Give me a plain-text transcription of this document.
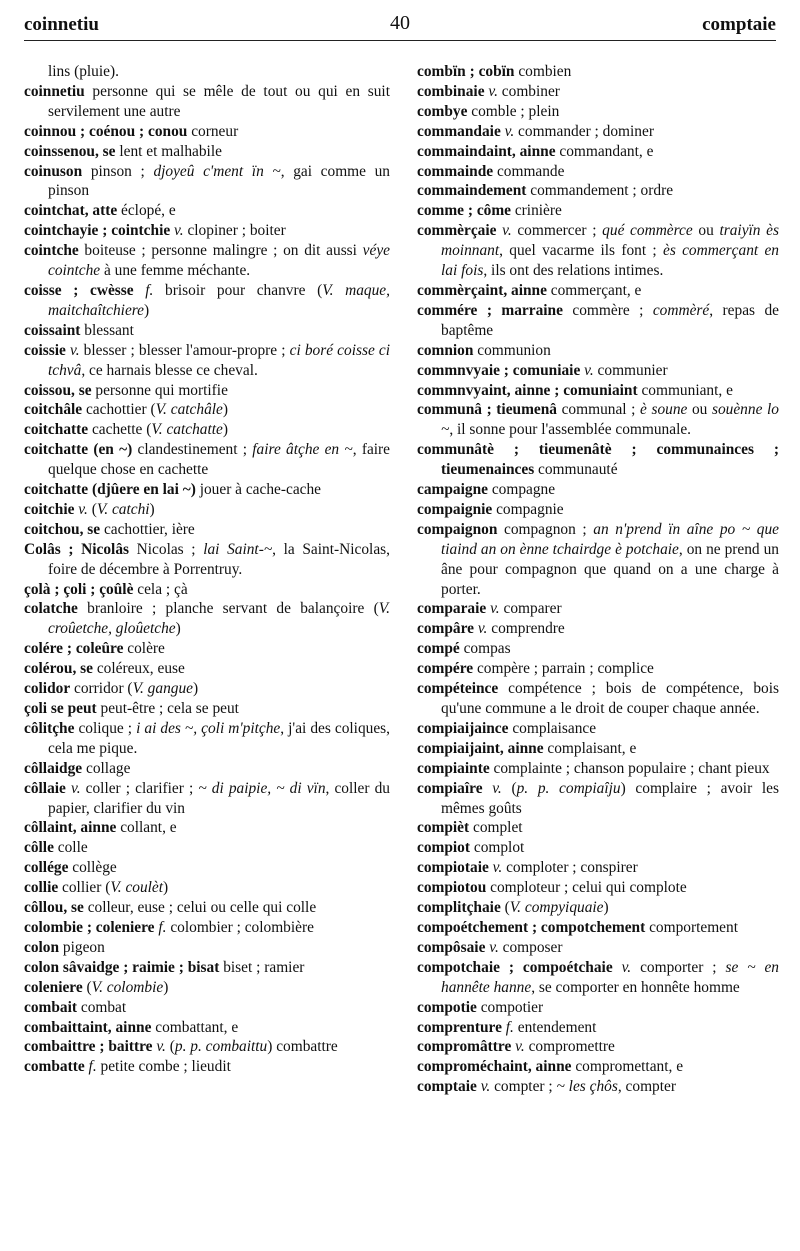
coinnetiu	40	comptaie
lins (pluie).
coinnetiu personne qui se mêle de tout ou qui en suit servilement une autre
coinnou ; coénou ; conou corneur
coinssenou, se lent et malhabile
coinuson pinson ; djoyeû c'ment ïn ~, gai comme un pinson
cointchat, atte éclopé, e
cointchayie ; cointchie v. clopiner ; boiter
cointche boiteuse ; personne malingre ; on dit aussi véye cointche à une femme méchante.
coisse ; cwèsse f. brisoir pour chanvre (V. maque, maitchaîtchiere)
coissaint blessant
coissie v. blesser ; blesser l'amour-propre ; ci boré coisse ci tchvâ, ce harnais blesse ce cheval.
coissou, se personne qui mortifie
coitchâle cachottier (V. catchâle)
coitchatte cachette (V. catchatte)
coitchatte (en ~) clandestinement ; faire âtçhe en ~, faire quelque chose en cachette
coitchatte (djûere en lai ~) jouer à cache-cache
coitchie v. (V. catchi)
coitchou, se cachottier, ière
Colâs ; Nicolâs Nicolas ; lai Saint-~, la Saint-Nicolas, foire de décembre à Porrentruy.
çolà ; çoli ; çoûlè cela ; çà
colatche branloire ; planche servant de balançoire (V. croûetche, gloûetche)
colére ; coleûre colère
colérou, se coléreux, euse
colidor corridor (V. gangue)
çoli se peut peut-être ; cela se peut
côlitçhe colique ; i ai des ~, çoli m'pitçhe, j'ai des coliques, cela me pique.
côllaidge collage
côllaie v. coller ; clarifier ; ~ di paipie, ~ di vïn, coller du papier, clarifier du vin
côllaint, ainne collant, e
côlle colle
collége collège
collie collier (V. coulèt)
côllou, se colleur, euse ; celui ou celle qui colle
colombie ; coleniere f. colombier ; colombière
colon pigeon
colon sâvaidge ; raimie ; bisat biset ; ramier
coleniere (V. colombie)
combait combat
combaittaint, ainne combattant, e
combaittre ; baittre v. (p. p. combaittu) combattre
combatte f. petite combe ; lieudit
combïn ; cobïn combien
combinaie v. combiner
combye comble ; plein
commandaie v. commander ; dominer
commaindaint, ainne commandant, e
commainde commande
commaindement commandement ; ordre
comme ; côme crinière
commèrçaie v. commercer ; qué commèrce ou traiyïn ès moinnant, quel vacarme ils font ; ès commerçant en lai fois, ils ont des relations intimes.
commèrçaint, ainne commerçant, e
commére ; marraine commère ; commèré, repas de baptême
comnion communion
commnvyaie ; comuniaie v. communier
commnvyaint, ainne ; comuniaint communiant, e
communâ ; tieumenâ communal ; è soune ou souènne lo ~, il sonne pour l'assemblée communale.
communâtè ; tieumenâtè ; communainces ; tieumenainces communauté
campaigne compagne
compaignie compagnie
compaignon compagnon ; an n'prend ïn aîne po ~ que tiaind an on ènne tchairdge è potchaie, on ne prend un âne pour compagnon que quand on a une charge à porter.
comparaie v. comparer
compâre v. comprendre
compé compas
compére compère ; parrain ; complice
compéteince compétence ; bois de compétence, bois qu'une commune a le droit de couper chaque année.
compiaijaince complaisance
compiaijaint, ainne complaisant, e
compiainte complainte ; chanson populaire ; chant pieux
compiaîre v. (p. p. compiaîju) complaire ; avoir les mêmes goûts
compièt complet
compiot complot
compiotaie v. comploter ; conspirer
compiotou comploteur ; celui qui complote
complitçhaie (V. compyiquaie)
compoétchement ; compotchement comportement
compôsaie v. composer
compotchaie ; compoétchaie v. comporter ; se ~ en hannête hanne, se comporter en honnête homme
compotie compotier
comprenture f. entendement
compromâttre v. compromettre
comproméchaint, ainne compromettant, e
comptaie v. compter ; ~ les çhôs, compter
